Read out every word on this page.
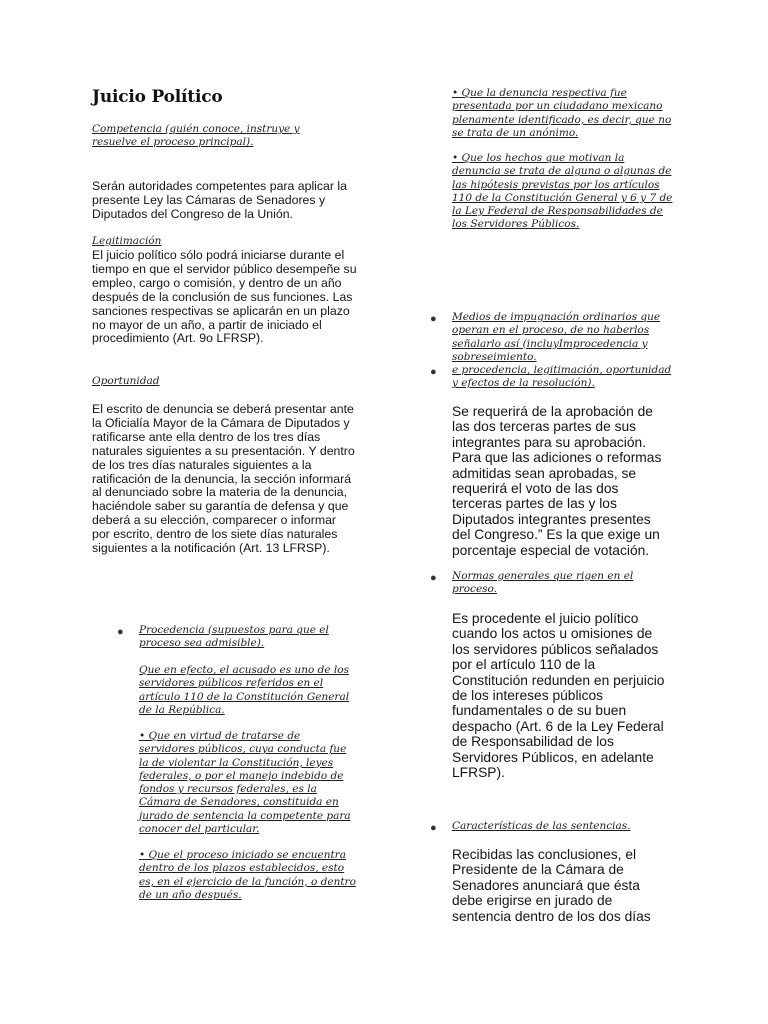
Juicio Político

Competencia (quién conoce, instruye y resuelve el proceso principal).

Serán autoridades competentes para aplicar la presente Ley las Cámaras de Senadores y Diputados del Congreso de la Unión.

Legitimación

El juicio político sólo podrá iniciarse durante el tiempo en que el servidor público desempeñe su empleo, cargo o comisión, y dentro de un año después de la conclusión de sus funciones. Las sanciones respectivas se aplicarán en un plazo no mayor de un año, a partir de iniciado el procedimiento (Art. 9o LFRSP).

Oportunidad

El escrito de denuncia se deberá presentar ante la Oficialía Mayor de la Cámara de Diputados y ratificarse ante ella dentro de los tres días naturales siguientes a su presentación. Y dentro de los tres días naturales siguientes a la ratificación de la denuncia, la sección informará al denunciado sobre la materia de la denuncia, haciéndole saber su garantía de defensa y que deberá a su elección, comparecer o informar por escrito, dentro de los siete días naturales siguientes a la notificación (Art. 13 LFRSP).

● Procedencia (supuestos para que el proceso sea admisible).

Que en efecto, el acusado es uno de los servidores públicos referidos en el artículo 110 de la Constitución General de la República.

• Que en virtud de tratarse de servidores públicos, cuya conducta fue la de violentar la Constitución, leyes federales, o por el manejo indebido de fondos y recursos federales, es la Cámara de Senadores, constituida en jurado de sentencia la competente para conocer del particular.

• Que el proceso iniciado se encuentra dentro de los plazos establecidos, esto es, en el ejercicio de la función, o dentro de un año después.

• Que la denuncia respectiva fue presentada por un ciudadano mexicano plenamente identificado, es decir, que no se trata de un anónimo.

• Que los hechos que motivan la denuncia se trata de alguna o algunas de las hipótesis previstas por los artículos 110 de la Constitución General y 6 y 7 de la Ley Federal de Responsabilidades de los Servidores Públicos.

● Medios de impugnación ordinarios que operan en el proceso, de no haberlos señalarlo así (incluyImprocedencia y sobreseimiento.

● e procedencia, legitimación, oportunidad y efectos de la resolución).

Se requerirá de la aprobación de las dos terceras partes de sus integrantes para su aprobación. Para que las adiciones o reformas admitidas sean aprobadas, se requerirá el voto de las dos terceras partes de las y los Diputados integrantes presentes del Congreso.” Es la que exige un porcentaje especial de votación.

● Normas generales que rigen en el proceso.

Es procedente el juicio político cuando los actos u omisiones de los servidores públicos señalados por el artículo 110 de la Constitución redunden en perjuicio de los intereses públicos fundamentales o de su buen despacho (Art. 6 de la Ley Federal de Responsabilidad de los Servidores Públicos, en adelante LFRSP).

● Características de las sentencias.

Recibidas las conclusiones, el Presidente de la Cámara de Senadores anunciará que ésta debe erigirse en jurado de sentencia dentro de los dos días
